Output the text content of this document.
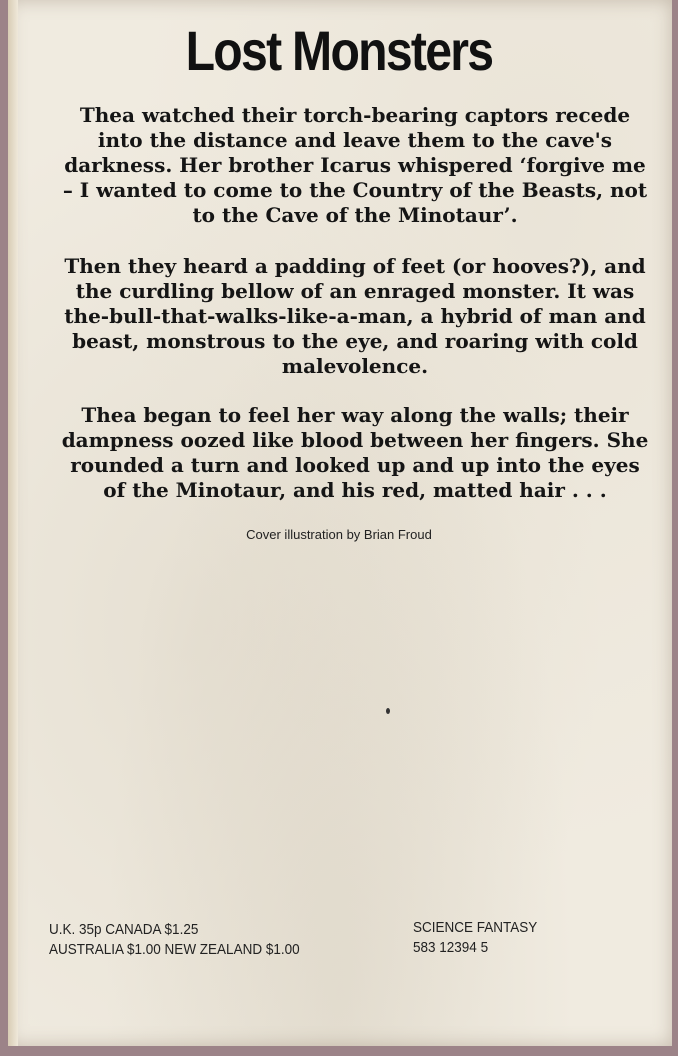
Lost Monsters

Thea watched their torch-bearing captors recede into the distance and leave them to the cave's darkness. Her brother Icarus whispered ‘forgive me – I wanted to come to the Country of the Beasts, not to the Cave of the Minotaur’.

Then they heard a padding of feet (or hooves?), and the curdling bellow of an enraged monster. It was the-bull-that-walks-like-a-man, a hybrid of man and beast, monstrous to the eye, and roaring with cold malevolence.

Thea began to feel her way along the walls; their dampness oozed like blood between her fingers. She rounded a turn and looked up and up into the eyes of the Minotaur, and his red, matted hair . . .

Cover illustration by Brian Froud

U.K. 35p CANADA $1.25

AUSTRALIA $1.00 NEW ZEALAND $1.00

SCIENCE FANTASY

583 12394 5
